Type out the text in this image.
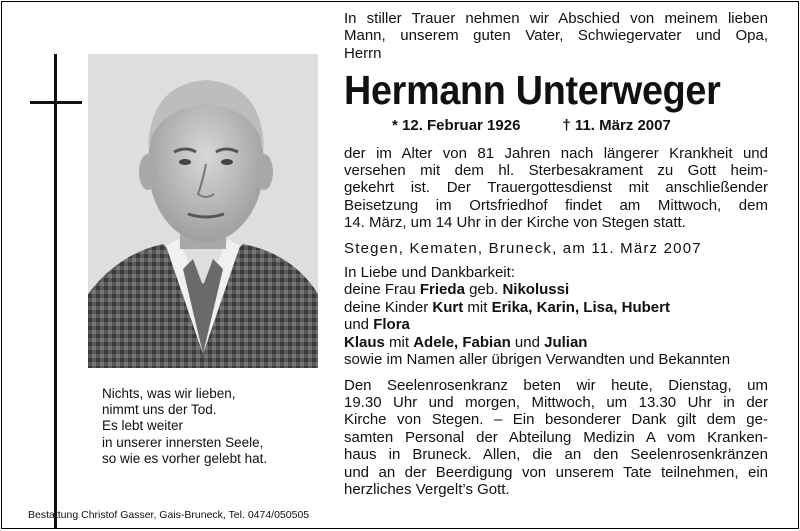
Nichts, was wir lieben,
nimmt uns der Tod.
Es lebt weiter
in unserer innersten Seele,
so wie es vorher gelebt hat.
Bestattung Christof Gasser, Gais-Bruneck, Tel. 0474/050505
In stiller Trauer nehmen wir Abschied von meinem lieben
Mann, unserem guten Vater, Schwiegervater und Opa,
Herrn
Hermann Unterweger
* 12. Februar 1926	† 11. März 2007
der im Alter von 81 Jahren nach längerer Krankheit und
versehen mit dem hl. Sterbesakrament zu Gott heim-
gekehrt ist. Der Trauergottesdienst mit anschließender
Beisetzung im Ortsfriedhof findet am Mittwoch, dem
14. März, um 14 Uhr in der Kirche von Stegen statt.
Stegen, Kematen, Bruneck, am 11. März 2007
In Liebe und Dankbarkeit:
deine Frau Frieda geb. Nikolussi
deine Kinder Kurt mit Erika, Karin, Lisa, Hubert
und Flora
Klaus mit Adele, Fabian und Julian
sowie im Namen aller übrigen Verwandten und Bekannten
Den Seelenrosenkranz beten wir heute, Dienstag, um
19.30 Uhr und morgen, Mittwoch, um 13.30 Uhr in der
Kirche von Stegen. – Ein besonderer Dank gilt dem ge-
samten Personal der Abteilung Medizin A vom Kranken-
haus in Bruneck. Allen, die an den Seelenrosenkränzen
und an der Beerdigung von unserem Tate teilnehmen, ein
herzliches Vergelt’s Gott.
